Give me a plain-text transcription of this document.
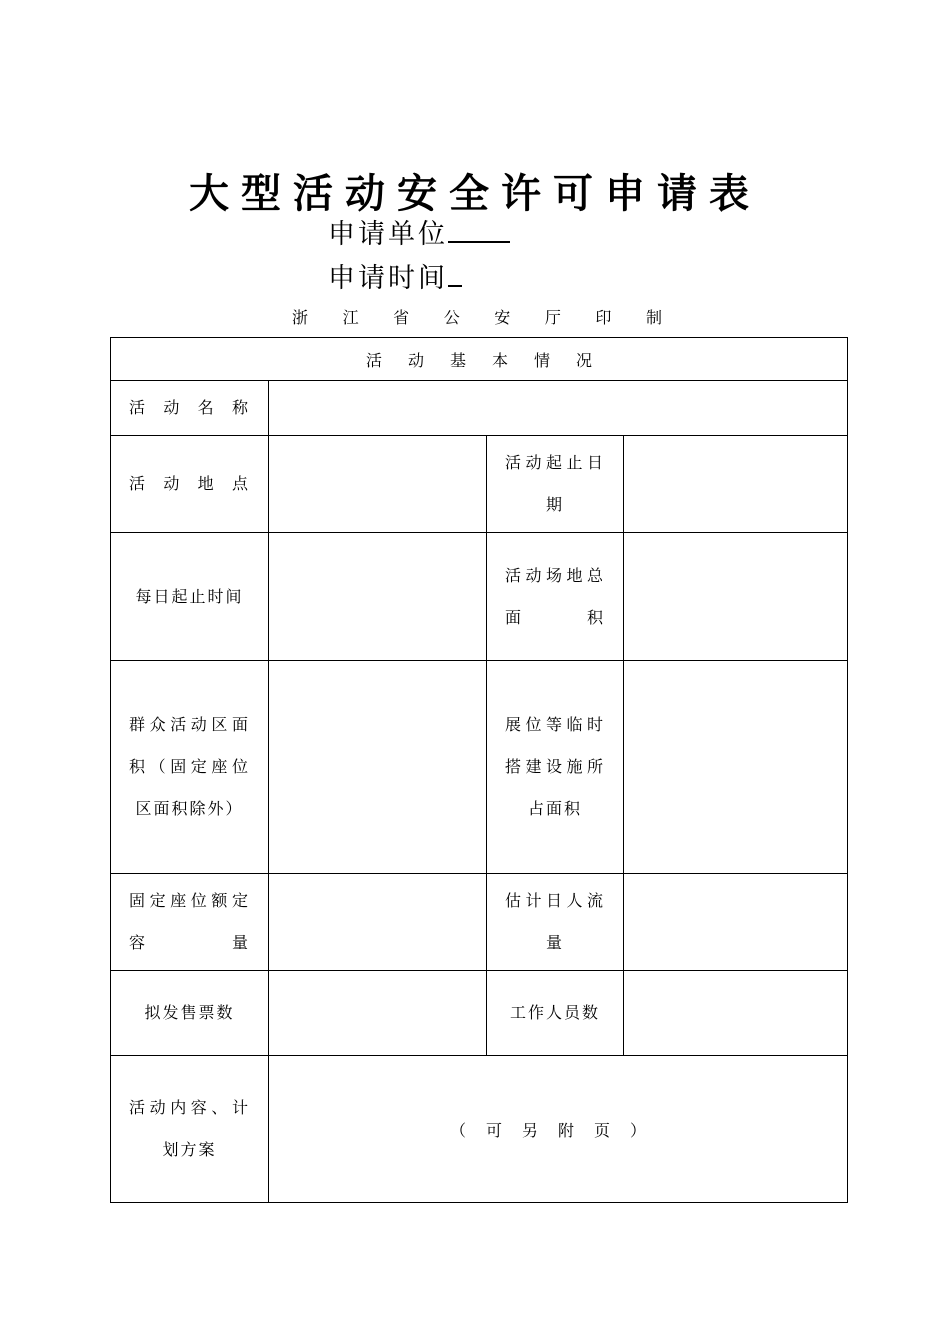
大型活动安全许可申请表
申请单位
申请时间
浙 江 省 公 安 厅 印 制
活动基本情况			
活动名称			
活动地点		活动起止日期	
每日起止时间		活动场地总面积	
群众活动区面积（固定座位区面积除外）		展位等临时搭建设施所占面积	
固定座位额定容量		估计日人流量	
拟发售票数		工作人员数	
活动内容、计划方案	（可另附页）		
